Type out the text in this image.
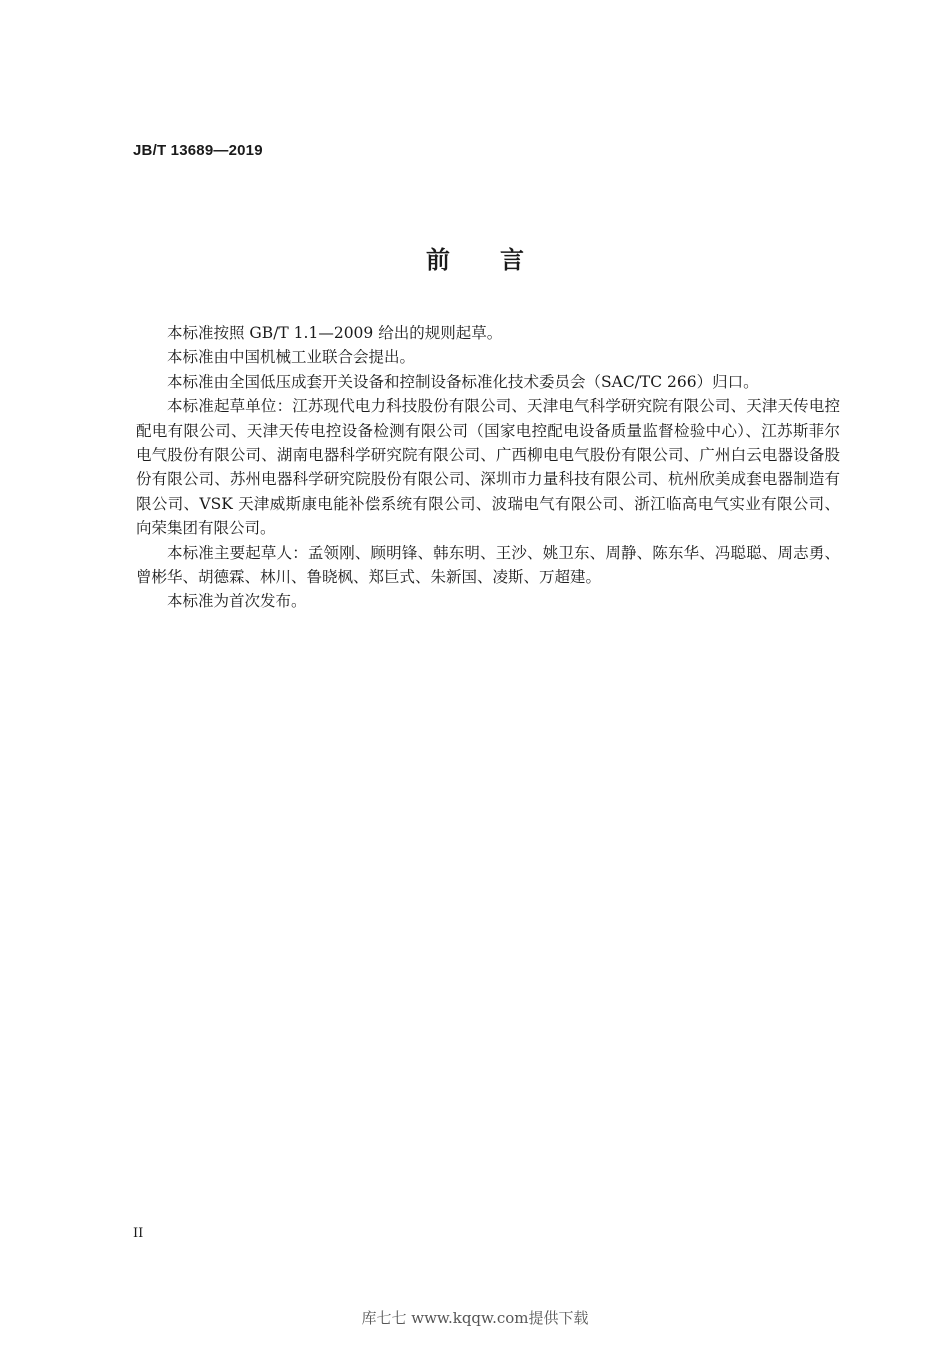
JB/T 13689—2019
前言

本标准按照 GB/T 1.1—2009 给出的规则起草。

本标准由中国机械工业联合会提出。

本标准由全国低压成套开关设备和控制设备标准化技术委员会（SAC/TC 266）归口。

本标准起草单位：江苏现代电力科技股份有限公司、天津电气科学研究院有限公司、天津天传电控配电有限公司、天津天传电控设备检测有限公司（国家电控配电设备质量监督检验中心）、江苏斯菲尔电气股份有限公司、湖南电器科学研究院有限公司、广西柳电电气股份有限公司、广州白云电器设备股份有限公司、苏州电器科学研究院股份有限公司、深圳市力量科技有限公司、杭州欣美成套电器制造有限公司、VSK 天津威斯康电能补偿系统有限公司、波瑞电气有限公司、浙江临高电气实业有限公司、向荣集团有限公司。

本标准主要起草人：孟领刚、顾明锋、韩东明、王沙、姚卫东、周静、陈东华、冯聪聪、周志勇、曾彬华、胡德霖、林川、鲁晓枫、郑巨式、朱新国、凌斯、万超建。

本标准为首次发布。

II
库七七 www.kqqw.com提供下载
